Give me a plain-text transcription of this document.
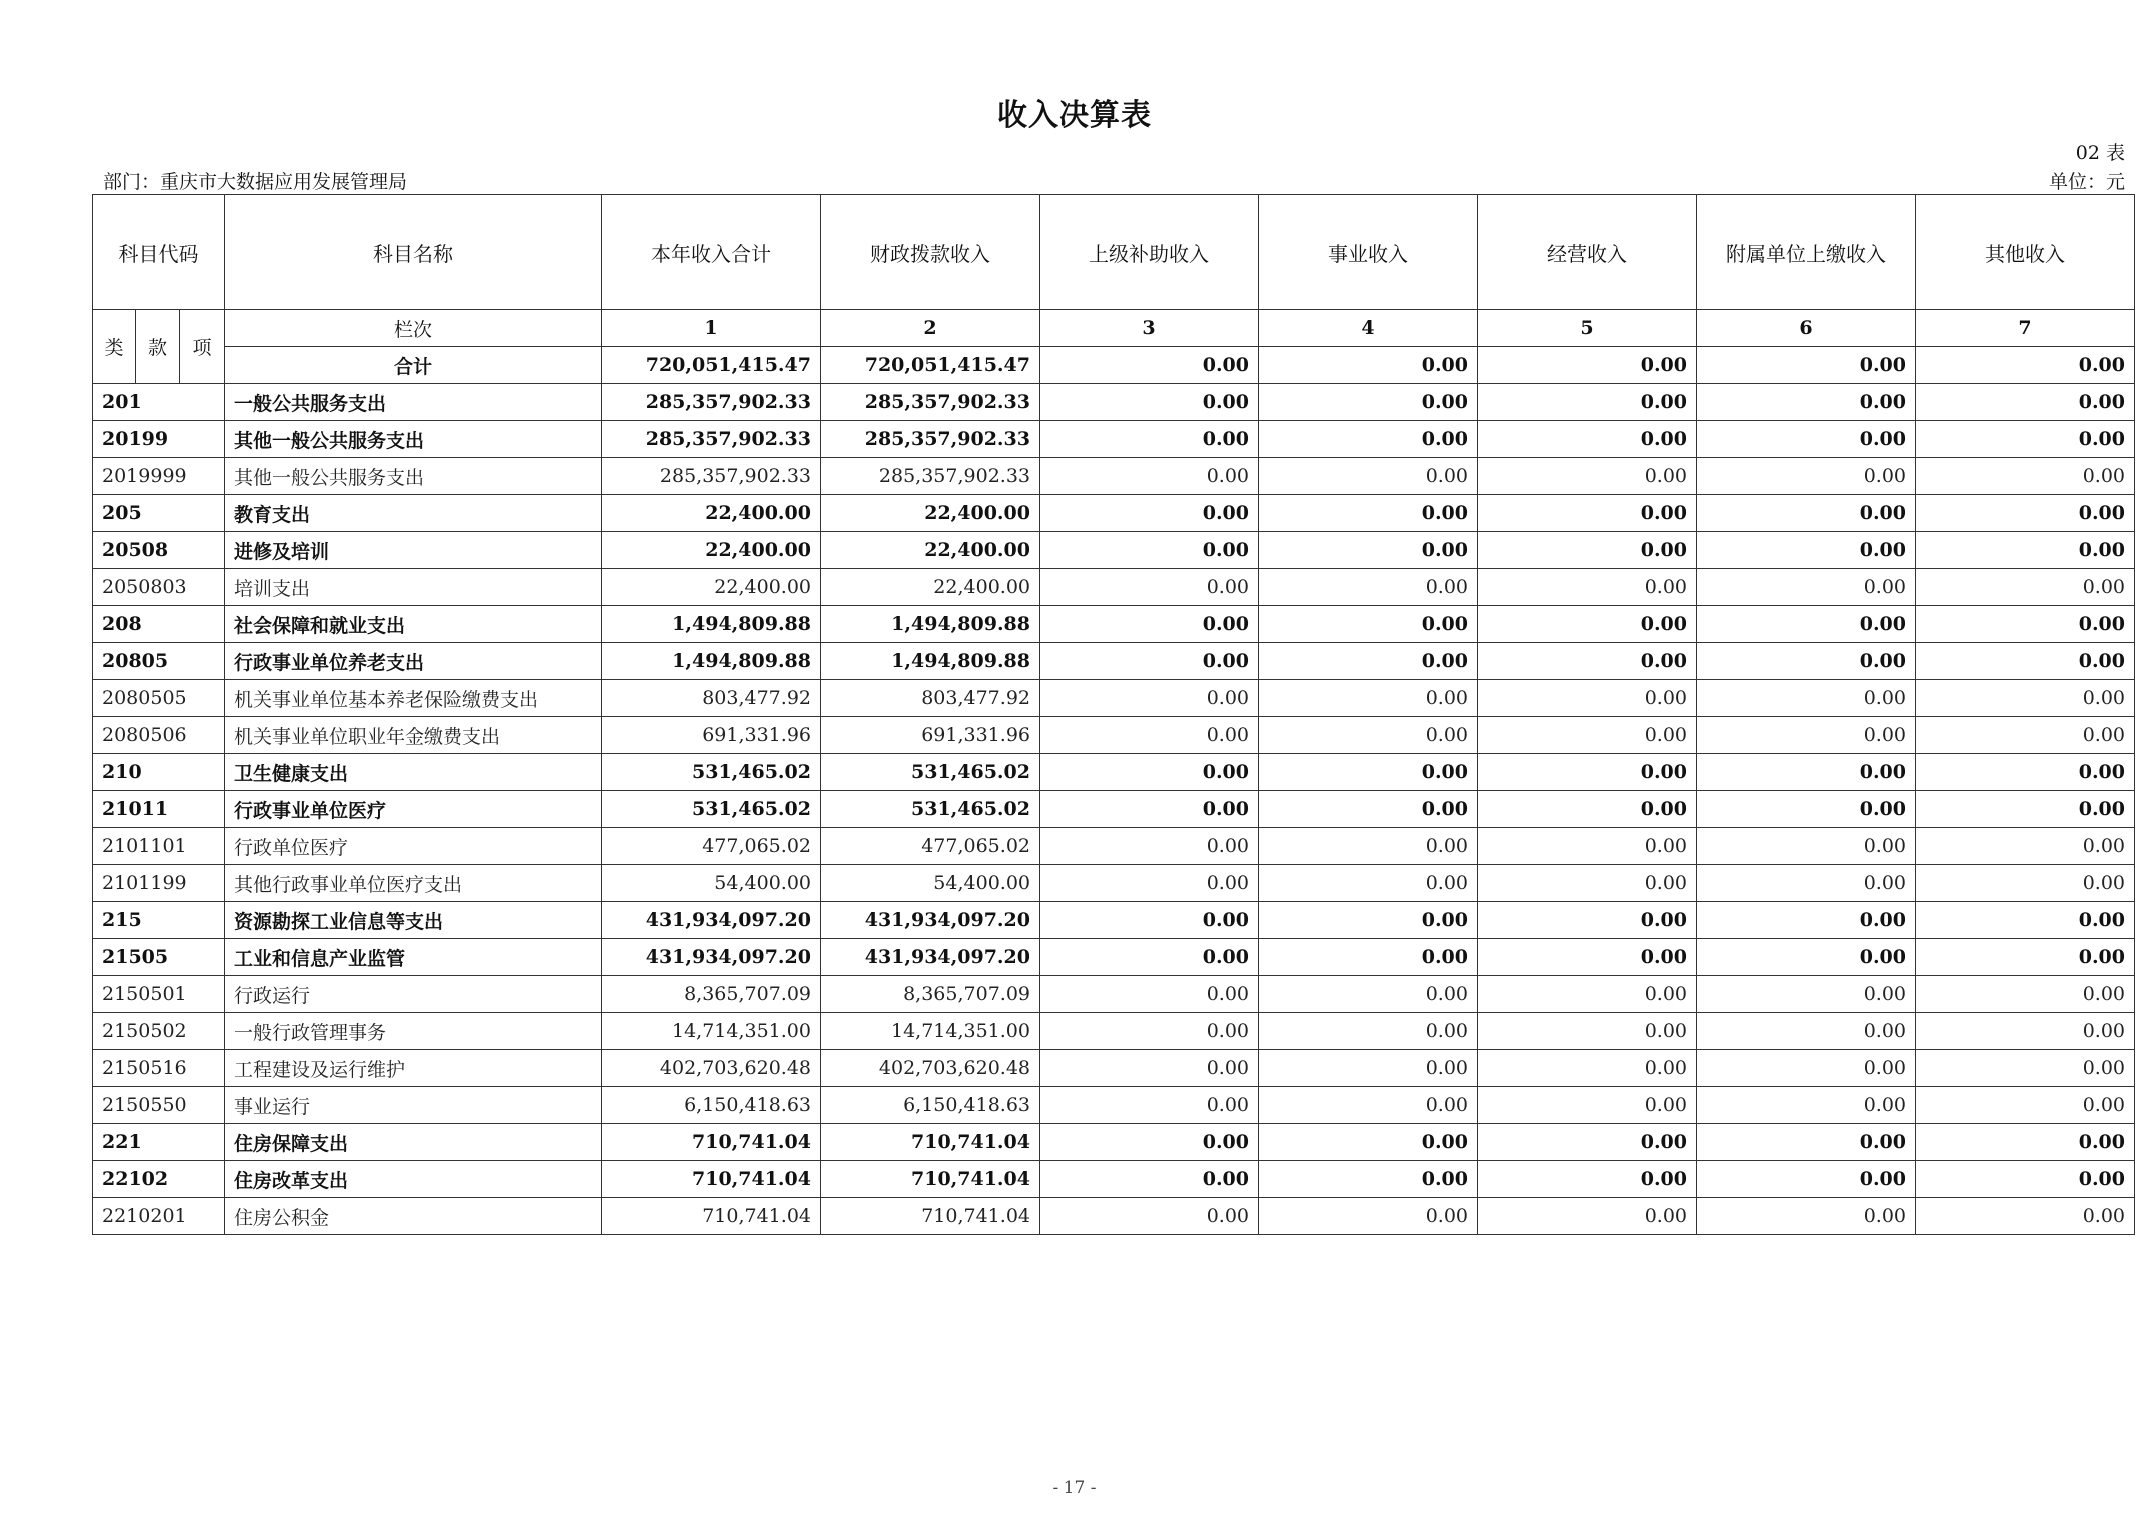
收入决算表
02 表
部门：重庆市大数据应用发展管理局	单位：元
科目代码			科目名称	本年收入合计	财政拨款收入	上级补助收入	事业收入	经营收入	附属单位上缴收入	其他收入
类	款	项	栏次	1	2	3	4	5	6	7
			合计	720,051,415.47	720,051,415.47	0.00	0.00	0.00	0.00	0.00
201			一般公共服务支出	285,357,902.33	285,357,902.33	0.00	0.00	0.00	0.00	0.00
20199			其他一般公共服务支出	285,357,902.33	285,357,902.33	0.00	0.00	0.00	0.00	0.00
2019999			其他一般公共服务支出	285,357,902.33	285,357,902.33	0.00	0.00	0.00	0.00	0.00
205			教育支出	22,400.00	22,400.00	0.00	0.00	0.00	0.00	0.00
20508			进修及培训	22,400.00	22,400.00	0.00	0.00	0.00	0.00	0.00
2050803			培训支出	22,400.00	22,400.00	0.00	0.00	0.00	0.00	0.00
208			社会保障和就业支出	1,494,809.88	1,494,809.88	0.00	0.00	0.00	0.00	0.00
20805			行政事业单位养老支出	1,494,809.88	1,494,809.88	0.00	0.00	0.00	0.00	0.00
2080505			机关事业单位基本养老保险缴费支出	803,477.92	803,477.92	0.00	0.00	0.00	0.00	0.00
2080506			机关事业单位职业年金缴费支出	691,331.96	691,331.96	0.00	0.00	0.00	0.00	0.00
210			卫生健康支出	531,465.02	531,465.02	0.00	0.00	0.00	0.00	0.00
21011			行政事业单位医疗	531,465.02	531,465.02	0.00	0.00	0.00	0.00	0.00
2101101			行政单位医疗	477,065.02	477,065.02	0.00	0.00	0.00	0.00	0.00
2101199			其他行政事业单位医疗支出	54,400.00	54,400.00	0.00	0.00	0.00	0.00	0.00
215			资源勘探工业信息等支出	431,934,097.20	431,934,097.20	0.00	0.00	0.00	0.00	0.00
21505			工业和信息产业监管	431,934,097.20	431,934,097.20	0.00	0.00	0.00	0.00	0.00
2150501			行政运行	8,365,707.09	8,365,707.09	0.00	0.00	0.00	0.00	0.00
2150502			一般行政管理事务	14,714,351.00	14,714,351.00	0.00	0.00	0.00	0.00	0.00
2150516			工程建设及运行维护	402,703,620.48	402,703,620.48	0.00	0.00	0.00	0.00	0.00
2150550			事业运行	6,150,418.63	6,150,418.63	0.00	0.00	0.00	0.00	0.00
221			住房保障支出	710,741.04	710,741.04	0.00	0.00	0.00	0.00	0.00
22102			住房改革支出	710,741.04	710,741.04	0.00	0.00	0.00	0.00	0.00
2210201			住房公积金	710,741.04	710,741.04	0.00	0.00	0.00	0.00	0.00
- 17 -
